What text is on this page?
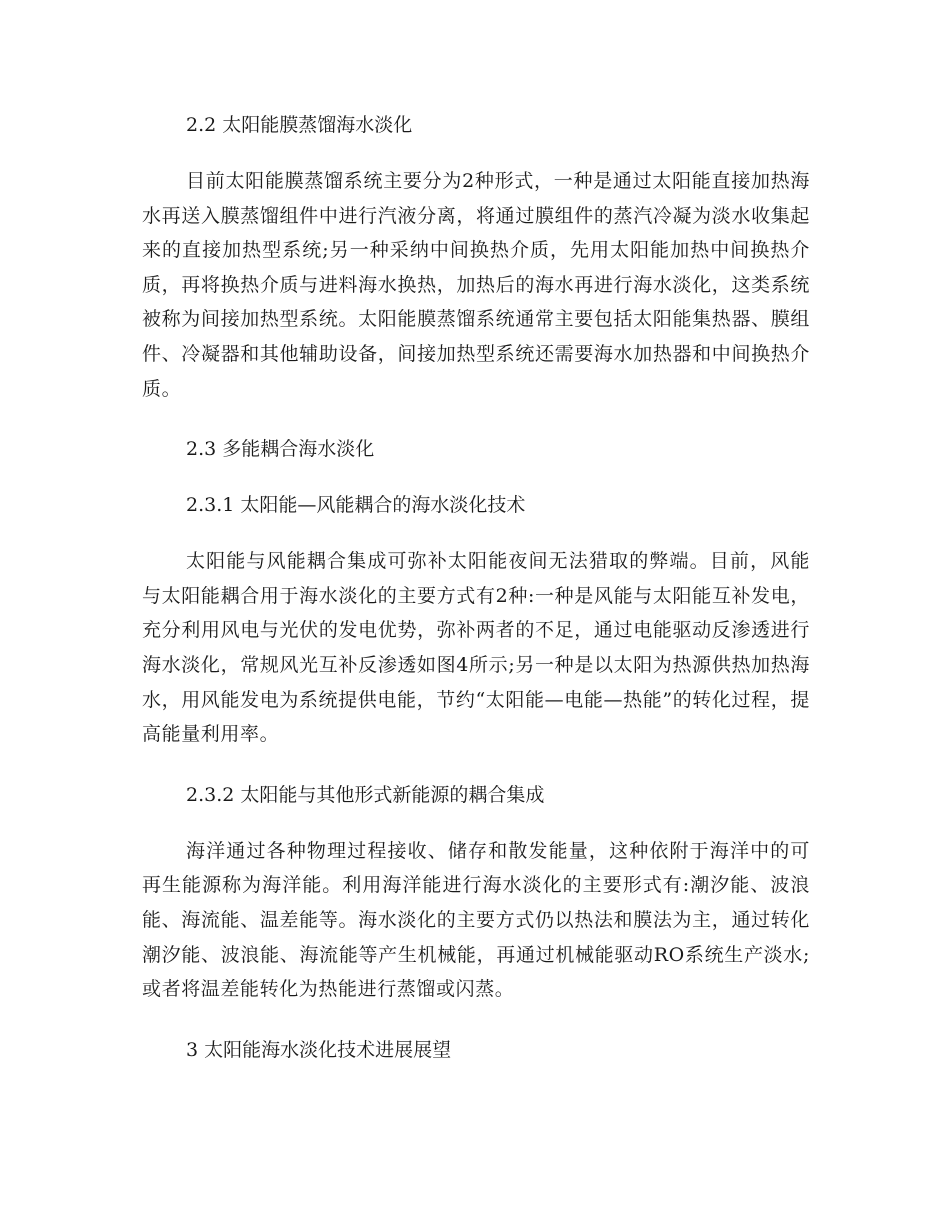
2.2 太阳能膜蒸馏海水淡化

目前太阳能膜蒸馏系统主要分为2种形式，一种是通过太阳能直接加热海水再送入膜蒸馏组件中进行汽液分离，将通过膜组件的蒸汽冷凝为淡水收集起来的直接加热型系统;另一种采纳中间换热介质，先用太阳能加热中间换热介质，再将换热介质与进料海水换热，加热后的海水再进行海水淡化，这类系统被称为间接加热型系统。太阳能膜蒸馏系统通常主要包括太阳能集热器、膜组件、冷凝器和其他辅助设备，间接加热型系统还需要海水加热器和中间换热介质。

2.3 多能耦合海水淡化

2.3.1 太阳能—风能耦合的海水淡化技术

太阳能与风能耦合集成可弥补太阳能夜间无法猎取的弊端。目前，风能与太阳能耦合用于海水淡化的主要方式有2种:一种是风能与太阳能互补发电，充分利用风电与光伏的发电优势，弥补两者的不足，通过电能驱动反渗透进行海水淡化，常规风光互补反渗透如图4所示;另一种是以太阳为热源供热加热海水，用风能发电为系统提供电能，节约“太阳能—电能—热能”的转化过程，提高能量利用率。

2.3.2 太阳能与其他形式新能源的耦合集成

海洋通过各种物理过程接收、储存和散发能量，这种依附于海洋中的可再生能源称为海洋能。利用海洋能进行海水淡化的主要形式有:潮汐能、波浪能、海流能、温差能等。海水淡化的主要方式仍以热法和膜法为主，通过转化潮汐能、波浪能、海流能等产生机械能，再通过机械能驱动RO系统生产淡水;或者将温差能转化为热能进行蒸馏或闪蒸。

3 太阳能海水淡化技术进展展望
